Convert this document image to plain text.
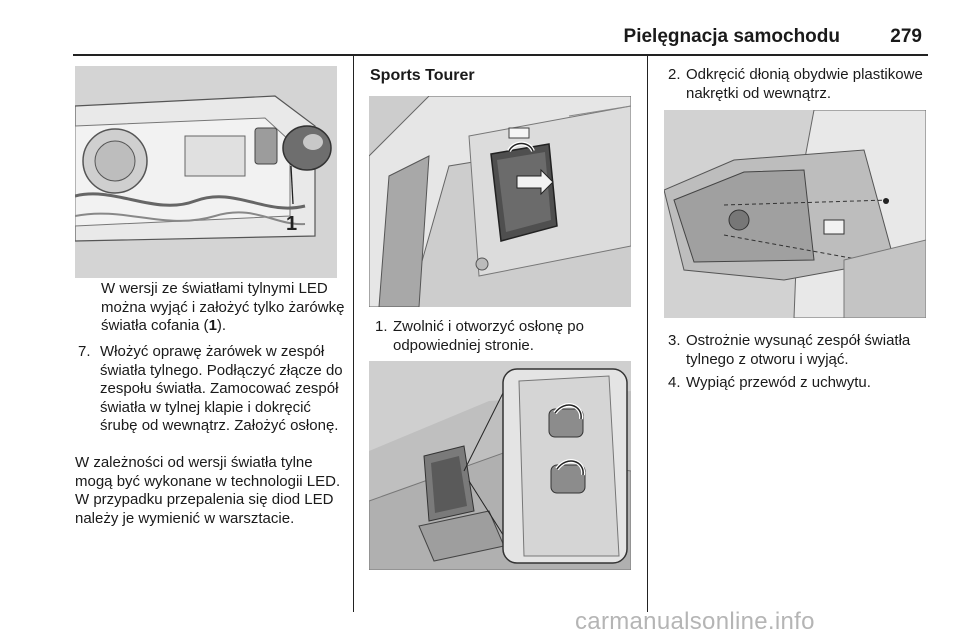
Pielęgnacja samochodu	279
1
W wersji ze światłami tylnymi LED można wyjąć i założyć tylko żarówkę światła cofania (1).
7. Włożyć oprawę żarówek w zespół światła tylnego. Podłączyć złącze do zespołu światła. Zamocować zespół światła w tylnej klapie i dokręcić śrubę od wewnątrz. Założyć osłonę.
W zależności od wersji światła tylne mogą być wykonane w technologii LED. W przypadku przepalenia się diod LED należy je wymienić w warsztacie.
Sports Tourer
1. Zwolnić i otworzyć osłonę po odpowiedniej stronie.
2. Odkręcić dłonią obydwie plastikowe nakrętki od wewnątrz.
3. Ostrożnie wysunąć zespół światła tylnego z otworu i wyjąć.
4. Wypiąć przewód z uchwytu.
carmanualsonline.info
